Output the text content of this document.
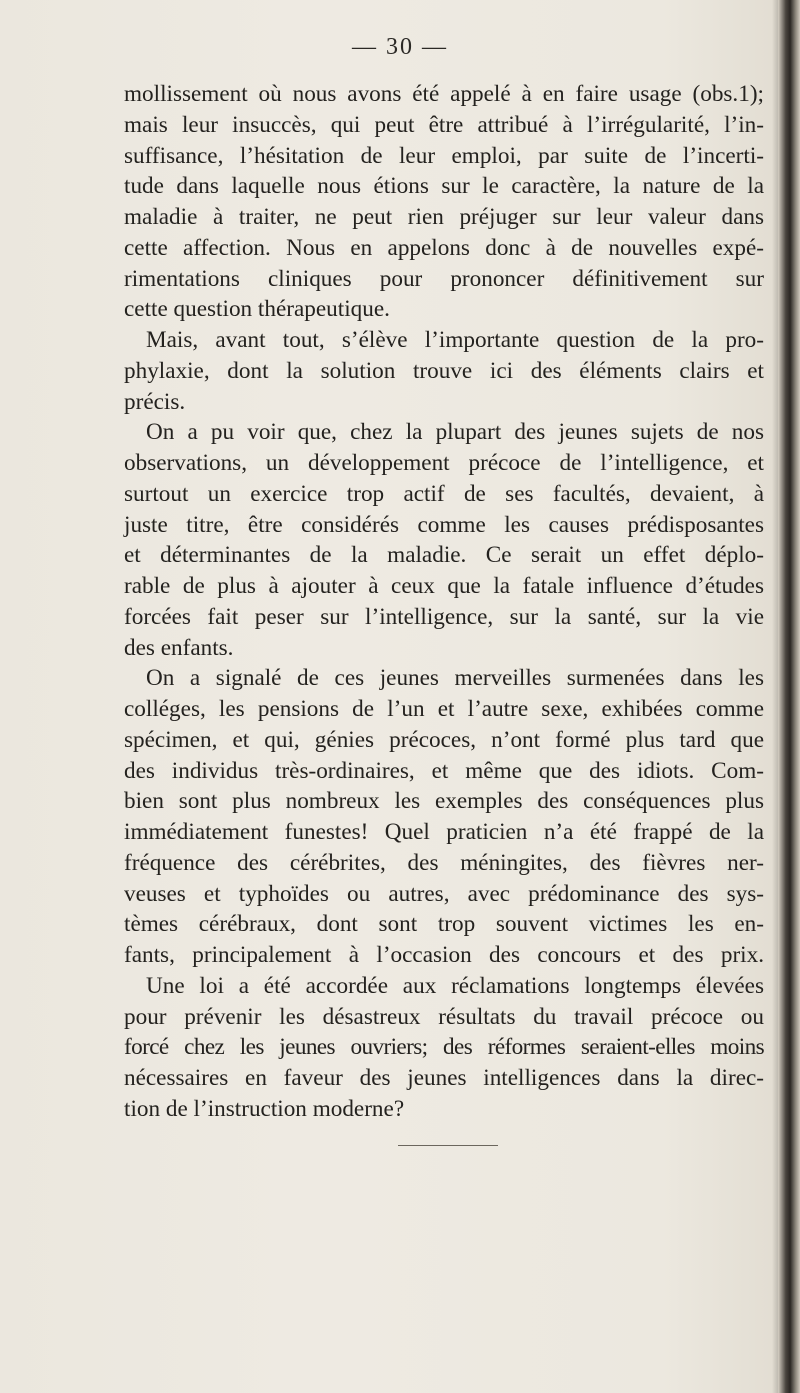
— 30 —
mollissement où nous avons été appelé à en faire usage (obs.1);
mais leur insuccès, qui peut être attribué à l’irrégularité, l’in-
suffisance, l’hésitation de leur emploi, par suite de l’incerti-
tude dans laquelle nous étions sur le caractère, la nature de la
maladie à traiter, ne peut rien préjuger sur leur valeur dans
cette affection. Nous en appelons donc à de nouvelles expé-
rimentations cliniques pour prononcer définitivement sur
cette question thérapeutique.
Mais, avant tout, s’élève l’importante question de la pro-
phylaxie, dont la solution trouve ici des éléments clairs et
précis.
On a pu voir que, chez la plupart des jeunes sujets de nos
observations, un développement précoce de l’intelligence, et
surtout un exercice trop actif de ses facultés, devaient, à
juste titre, être considérés comme les causes prédisposantes
et déterminantes de la maladie. Ce serait un effet déplo-
rable de plus à ajouter à ceux que la fatale influence d’études
forcées fait peser sur l’intelligence, sur la santé, sur la vie
des enfants.
On a signalé de ces jeunes merveilles surmenées dans les
colléges, les pensions de l’un et l’autre sexe, exhibées comme
spécimen, et qui, génies précoces, n’ont formé plus tard que
des individus très-ordinaires, et même que des idiots. Com-
bien sont plus nombreux les exemples des conséquences plus
immédiatement funestes! Quel praticien n’a été frappé de la
fréquence des cérébrites, des méningites, des fièvres ner-
veuses et typhoïdes ou autres, avec prédominance des sys-
tèmes cérébraux, dont sont trop souvent victimes les en-
fants, principalement à l’occasion des concours et des prix.
Une loi a été accordée aux réclamations longtemps élevées
pour prévenir les désastreux résultats du travail précoce ou
forcé chez les jeunes ouvriers; des réformes seraient-elles moins
nécessaires en faveur des jeunes intelligences dans la direc-
tion de l’instruction moderne?
